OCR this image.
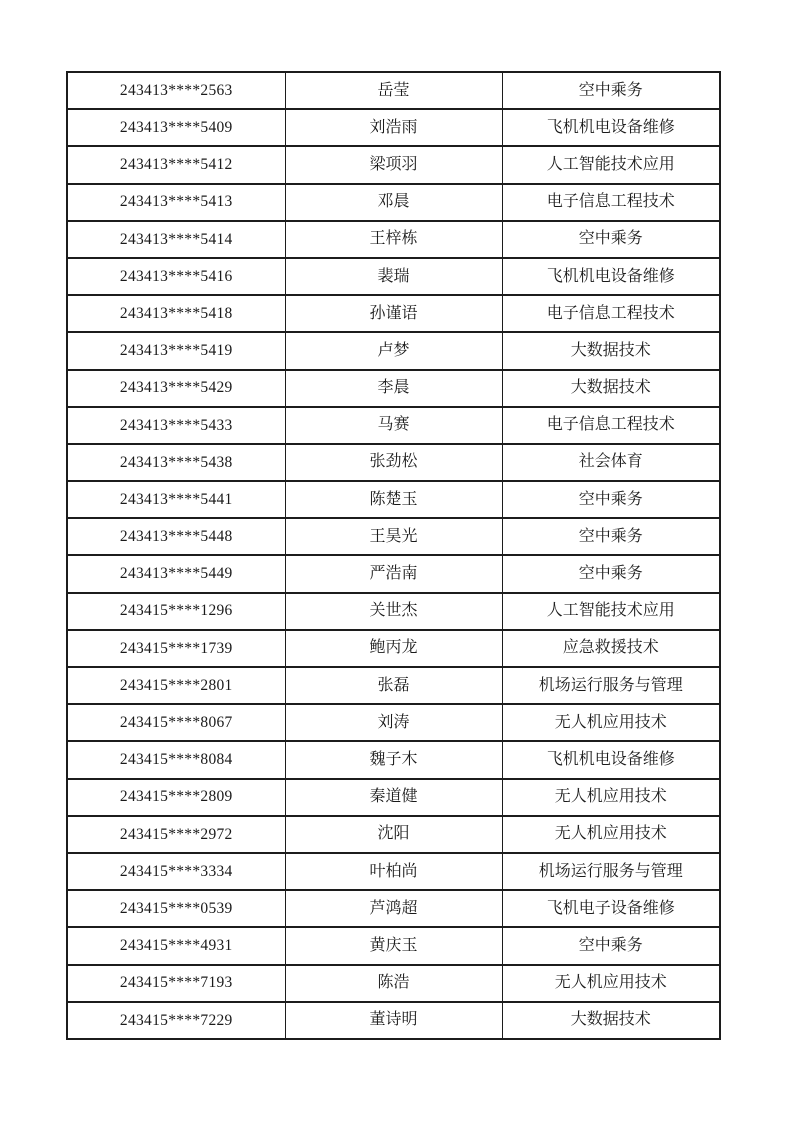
243413****2563	岳莹	空中乘务
243413****5409	刘浩雨	飞机机电设备维修
243413****5412	梁项羽	人工智能技术应用
243413****5413	邓晨	电子信息工程技术
243413****5414	王梓栋	空中乘务
243413****5416	裴瑞	飞机机电设备维修
243413****5418	孙谨语	电子信息工程技术
243413****5419	卢梦	大数据技术
243413****5429	李晨	大数据技术
243413****5433	马赛	电子信息工程技术
243413****5438	张劲松	社会体育
243413****5441	陈楚玉	空中乘务
243413****5448	王昊光	空中乘务
243413****5449	严浩南	空中乘务
243415****1296	关世杰	人工智能技术应用
243415****1739	鲍丙龙	应急救援技术
243415****2801	张磊	机场运行服务与管理
243415****8067	刘涛	无人机应用技术
243415****8084	魏子木	飞机机电设备维修
243415****2809	秦道健	无人机应用技术
243415****2972	沈阳	无人机应用技术
243415****3334	叶柏尚	机场运行服务与管理
243415****0539	芦鸿超	飞机电子设备维修
243415****4931	黄庆玉	空中乘务
243415****7193	陈浩	无人机应用技术
243415****7229	董诗明	大数据技术
